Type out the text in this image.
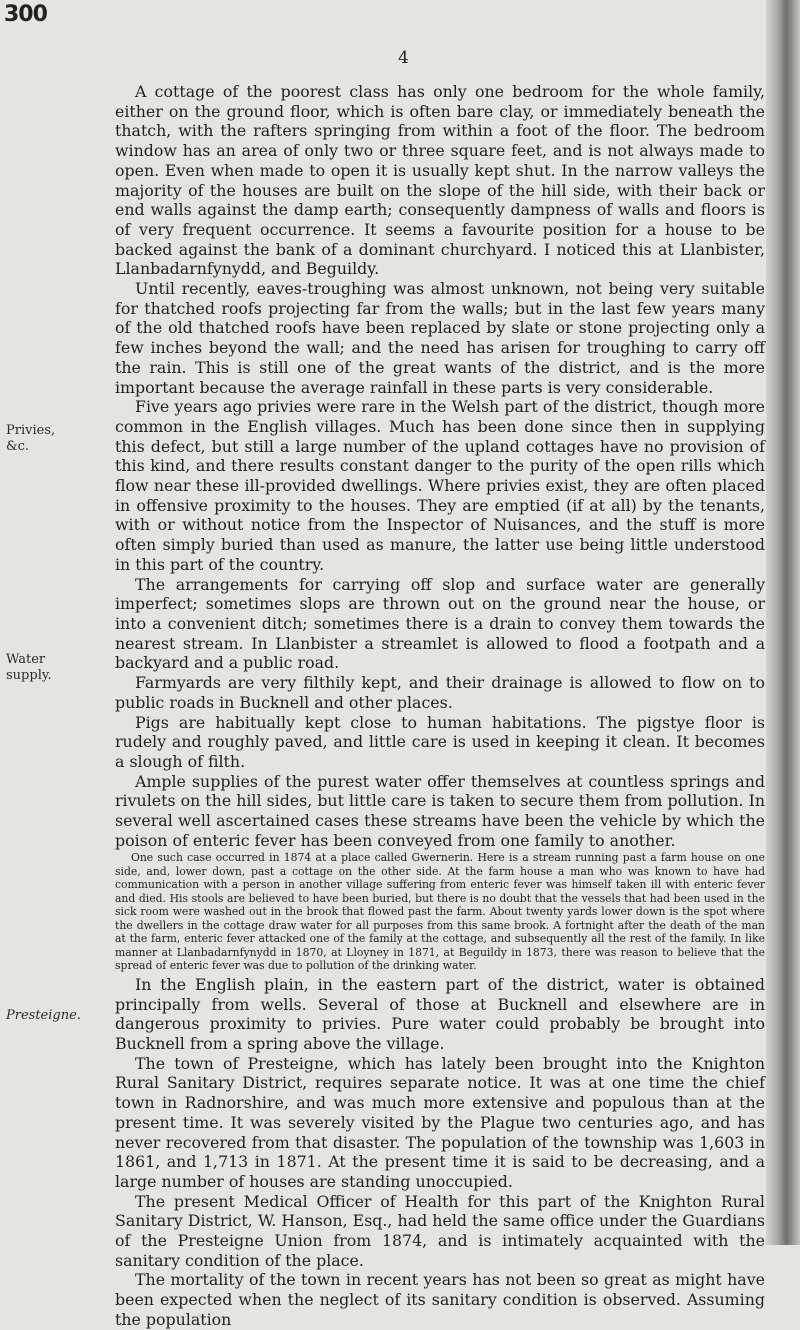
300
4
Privies, &c.
Water supply.
Presteigne.

A cottage of the poorest class has only one bedroom for the whole family, either on the ground floor, which is often bare clay, or immediately beneath the thatch, with the rafters springing from within a foot of the floor. The bedroom window has an area of only two or three square feet, and is not always made to open. Even when made to open it is usually kept shut. In the narrow valleys the majority of the houses are built on the slope of the hill side, with their back or end walls against the damp earth; consequently dampness of walls and floors is of very frequent occurrence. It seems a favourite position for a house to be backed against the bank of a dominant churchyard. I noticed this at Llanbister, Llanbadarnfynydd, and Beguildy.

Until recently, eaves-troughing was almost unknown, not being very suitable for thatched roofs projecting far from the walls; but in the last few years many of the old thatched roofs have been replaced by slate or stone projecting only a few inches beyond the wall; and the need has arisen for troughing to carry off the rain. This is still one of the great wants of the district, and is the more important because the average rainfall in these parts is very considerable.

Five years ago privies were rare in the Welsh part of the district, though more common in the English villages. Much has been done since then in supplying this defect, but still a large number of the upland cottages have no provision of this kind, and there results constant danger to the purity of the open rills which flow near these ill-provided dwellings. Where privies exist, they are often placed in offensive proximity to the houses. They are emptied (if at all) by the tenants, with or without notice from the Inspector of Nuisances, and the stuff is more often simply buried than used as manure, the latter use being little understood in this part of the country.

The arrangements for carrying off slop and surface water are generally imperfect; sometimes slops are thrown out on the ground near the house, or into a convenient ditch; sometimes there is a drain to convey them towards the nearest stream. In Llanbister a streamlet is allowed to flood a footpath and a backyard and a public road.

Farmyards are very filthily kept, and their drainage is allowed to flow on to public roads in Bucknell and other places.

Pigs are habitually kept close to human habitations. The pigstye floor is rudely and roughly paved, and little care is used in keeping it clean. It becomes a slough of filth.

Ample supplies of the purest water offer themselves at countless springs and rivulets on the hill sides, but little care is taken to secure them from pollution. In several well ascertained cases these streams have been the vehicle by which the poison of enteric fever has been conveyed from one family to another.

One such case occurred in 1874 at a place called Gwernerin. Here is a stream running past a farm house on one side, and, lower down, past a cottage on the other side. At the farm house a man who was known to have had communication with a person in another village suffering from enteric fever was himself taken ill with enteric fever and died. His stools are believed to have been buried, but there is no doubt that the vessels that had been used in the sick room were washed out in the brook that flowed past the farm. About twenty yards lower down is the spot where the dwellers in the cottage draw water for all purposes from this same brook. A fortnight after the death of the man at the farm, enteric fever attacked one of the family at the cottage, and subsequently all the rest of the family. In like manner at Llanbadarnfynydd in 1870, at Lloyney in 1871, at Beguildy in 1873, there was reason to believe that the spread of enteric fever was due to pollution of the drinking water.

In the English plain, in the eastern part of the district, water is obtained principally from wells. Several of those at Bucknell and elsewhere are in dangerous proximity to privies. Pure water could probably be brought into Bucknell from a spring above the village.

The town of Presteigne, which has lately been brought into the Knighton Rural Sanitary District, requires separate notice. It was at one time the chief town in Radnorshire, and was much more extensive and populous than at the present time. It was severely visited by the Plague two centuries ago, and has never recovered from that disaster. The population of the township was 1,603 in 1861, and 1,713 in 1871. At the present time it is said to be decreasing, and a large number of houses are standing unoccupied.

The present Medical Officer of Health for this part of the Knighton Rural Sanitary District, W. Hanson, Esq., had held the same office under the Guardians of the Presteigne Union from 1874, and is intimately acquainted with the sanitary condition of the place.

The mortality of the town in recent years has not been so great as might have been expected when the neglect of its sanitary condition is observed. Assuming the population
